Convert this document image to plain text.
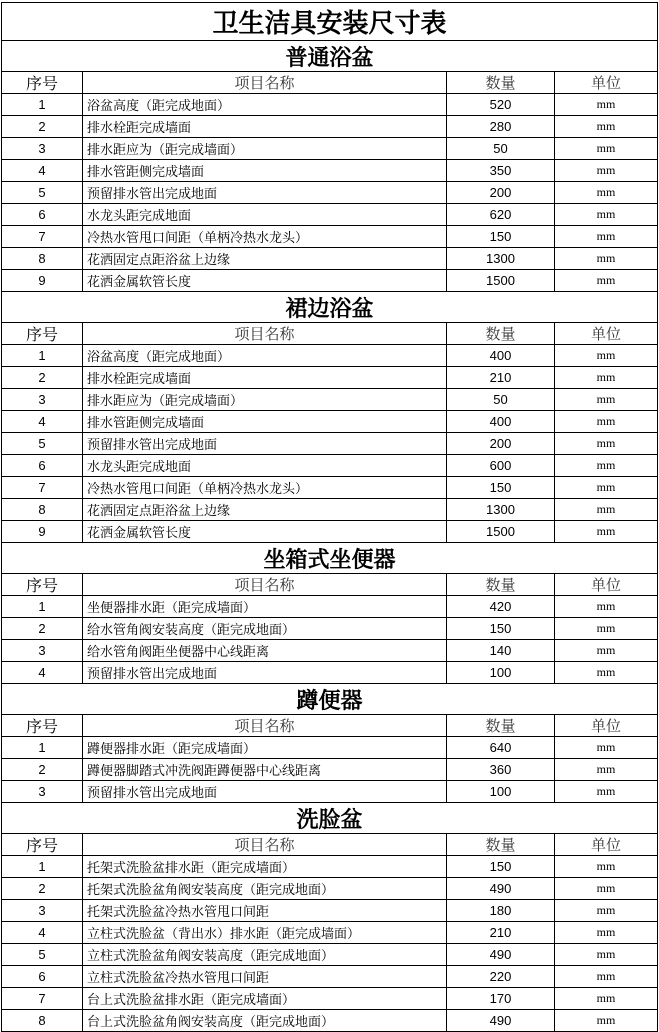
卫生洁具安装尺寸表
普通浴盆
序号	项目名称	数量	单位
1	浴盆高度（距完成地面）	520	mm
2	排水栓距完成墙面	280	mm
3	排水距应为（距完成墙面）	50	mm
4	排水管距侧完成墙面	350	mm
5	预留排水管出完成地面	200	mm
6	水龙头距完成地面	620	mm
7	冷热水管甩口间距（单柄冷热水龙头）	150	mm
8	花洒固定点距浴盆上边缘	1300	mm
9	花洒金属软管长度	1500	mm
裙边浴盆
序号	项目名称	数量	单位
1	浴盆高度（距完成地面）	400	mm
2	排水栓距完成墙面	210	mm
3	排水距应为（距完成墙面）	50	mm
4	排水管距侧完成墙面	400	mm
5	预留排水管出完成地面	200	mm
6	水龙头距完成地面	600	mm
7	冷热水管甩口间距（单柄冷热水龙头）	150	mm
8	花洒固定点距浴盆上边缘	1300	mm
9	花洒金属软管长度	1500	mm
坐箱式坐便器
序号	项目名称	数量	单位
1	坐便器排水距（距完成墙面）	420	mm
2	给水管角阀安装高度（距完成地面）	150	mm
3	给水管角阀距坐便器中心线距离	140	mm
4	预留排水管出完成地面	100	mm
蹲便器
序号	项目名称	数量	单位
1	蹲便器排水距（距完成墙面）	640	mm
2	蹲便器脚踏式冲洗阀距蹲便器中心线距离	360	mm
3	预留排水管出完成地面	100	mm
洗脸盆
序号	项目名称	数量	单位
1	托架式洗脸盆排水距（距完成墙面）	150	mm
2	托架式洗脸盆角阀安装高度（距完成地面）	490	mm
3	托架式洗脸盆冷热水管甩口间距	180	mm
4	立柱式洗脸盆（背出水）排水距（距完成墙面）	210	mm
5	立柱式洗脸盆角阀安装高度（距完成地面）	490	mm
6	立柱式洗脸盆冷热水管甩口间距	220	mm
7	台上式洗脸盆排水距（距完成墙面）	170	mm
8	台上式洗脸盆角阀安装高度（距完成地面）	490	mm
